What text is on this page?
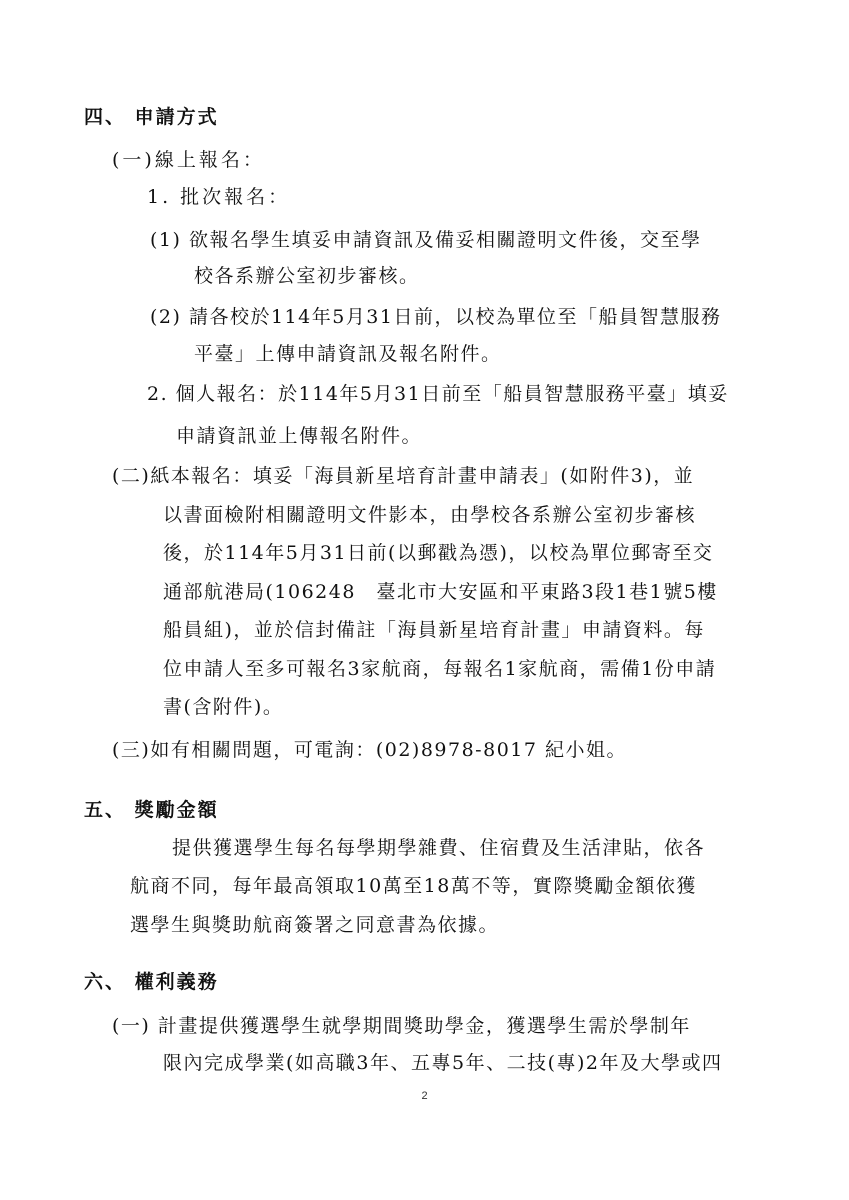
四、 申請方式

(一)線上報名：

1. 批次報名：

(1) 欲報名學生填妥申請資訊及備妥相關證明文件後，交至學

校各系辦公室初步審核。

(2) 請各校於114年5月31日前，以校為單位至「船員智慧服務

平臺」上傳申請資訊及報名附件。

2. 個人報名：於114年5月31日前至「船員智慧服務平臺」填妥

申請資訊並上傳報名附件。

(二)紙本報名：填妥「海員新星培育計畫申請表」(如附件3)，並

以書面檢附相關證明文件影本，由學校各系辦公室初步審核

後，於114年5月31日前(以郵戳為憑)，以校為單位郵寄至交

通部航港局(106248　臺北市大安區和平東路3段1巷1號5樓

船員組)，並於信封備註「海員新星培育計畫」申請資料。每

位申請人至多可報名3家航商，每報名1家航商，需備1份申請

書(含附件)。

(三)如有相關問題，可電詢：(02)8978-8017 紀小姐。

五、 獎勵金額

提供獲選學生每名每學期學雜費、住宿費及生活津貼，依各

航商不同，每年最高領取10萬至18萬不等，實際獎勵金額依獲

選學生與獎助航商簽署之同意書為依據。

六、 權利義務

(一) 計畫提供獲選學生就學期間獎助學金，獲選學生需於學制年

限內完成學業(如高職3年、五專5年、二技(專)2年及大學或四

2
